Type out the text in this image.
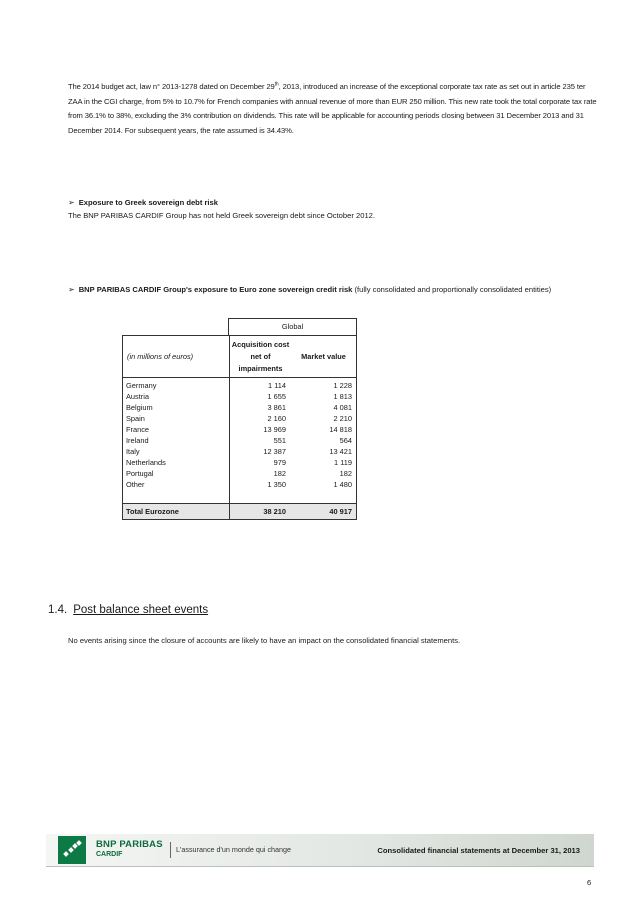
The 2014 budget act, law n° 2013-1278 dated on December 29th, 2013, introduced an increase of the exceptional corporate tax rate as set out in article 235 ter ZAA in the CGI charge, from 5% to 10.7% for French companies with annual revenue of more than EUR 250 million. This new rate took the total corporate tax rate from 36.1% to 38%, excluding the 3% contribution on dividends. This rate will be applicable for accounting periods closing between 31 December 2013 and 31 December 2014. For subsequent years, the rate assumed is 34.43%.
➢ Exposure to Greek sovereign debt risk
The BNP PARIBAS CARDIF Group has not held Greek sovereign debt since October 2012.
➢ BNP PARIBAS CARDIF Group's exposure to Euro zone sovereign credit risk (fully consolidated and proportionally consolidated entities)
Global
(in millions of euros)
Acquisition cost
net of
impairments
Market value
Germany	1 114	1 228
Austria	1 655	1 813
Belgium	3 861	4 081
Spain	2 160	2 210
France	13 969	14 818
Ireland	551	564
Italy	12 387	13 421
Netherlands	979	1 119
Portugal	182	182
Other	1 350	1 480
Total Eurozone	38 210	40 917
1.4. Post balance sheet events
No events arising since the closure of accounts are likely to have an impact on the consolidated financial statements.
BNP PARIBAS
CARDIF
L'assurance d'un monde qui change	Consolidated financial statements at December 31, 2013
6
